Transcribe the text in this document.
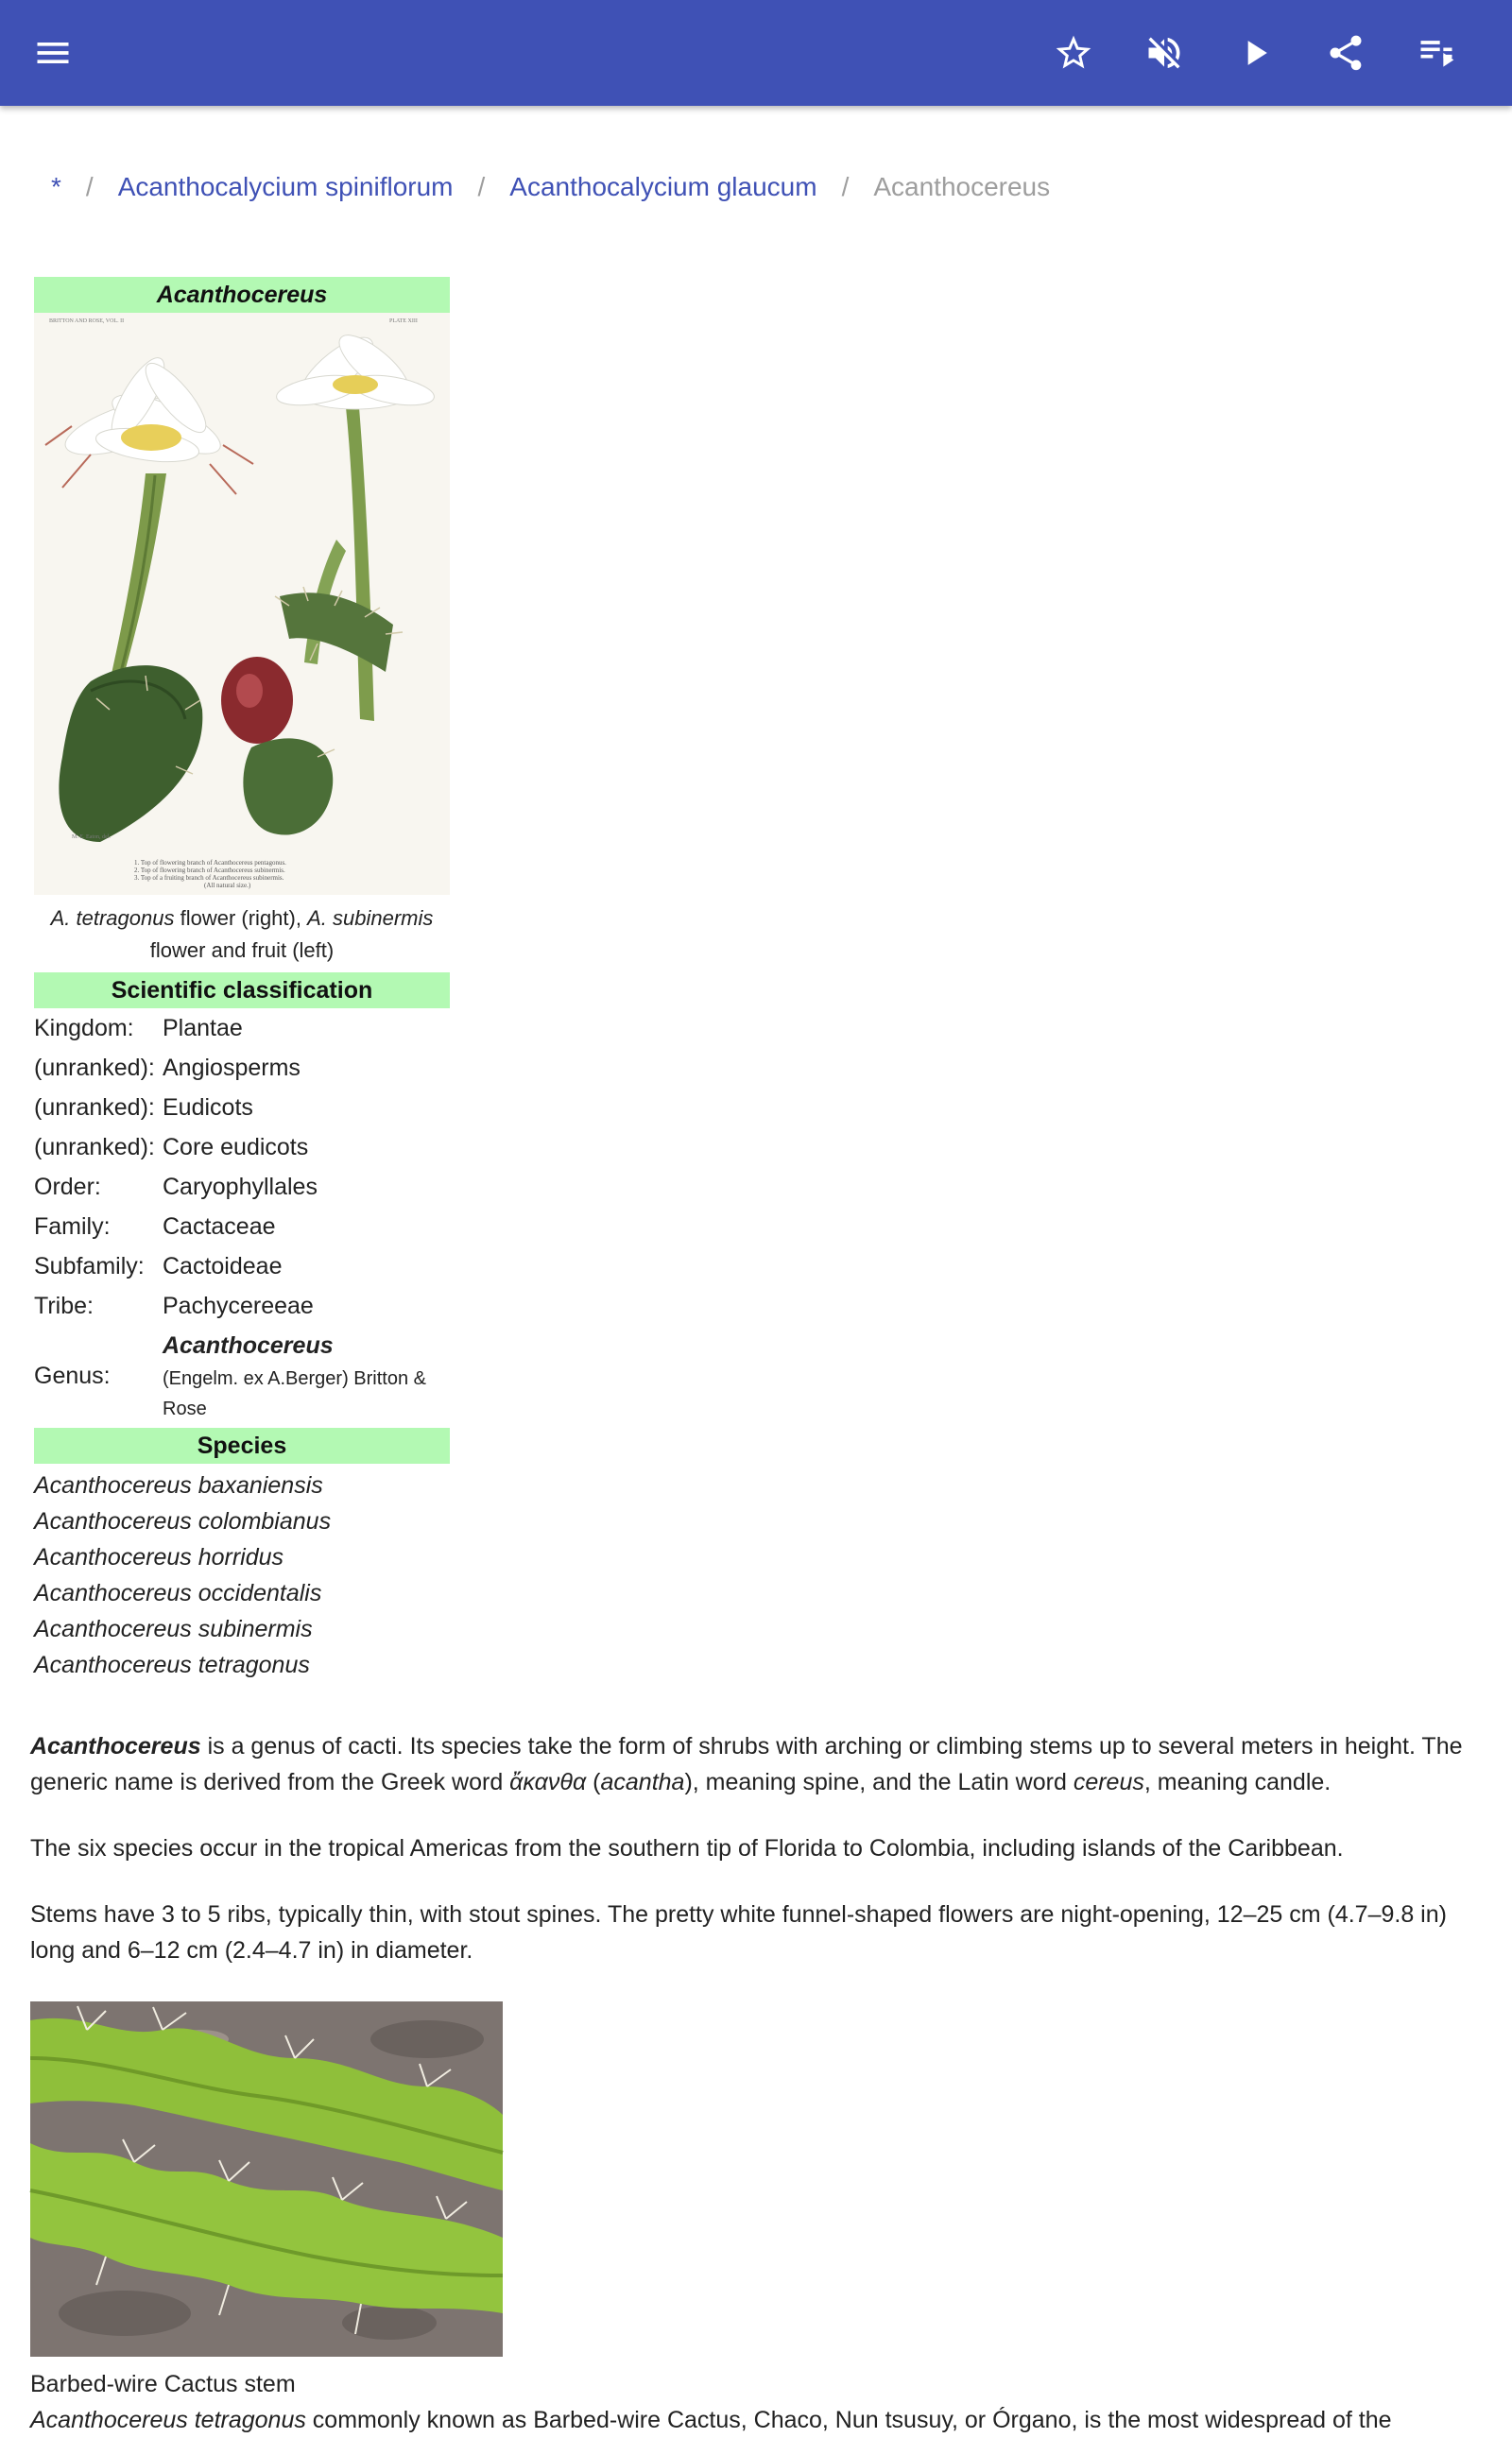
* / Acanthocalycium spiniflorum / Acanthocalycium glaucum / Acanthocereus
Acanthocereus
BRITTON AND ROSE, VOL. II	PLATE XIII
M. E. Eaton, del.
1. Top of flowering branch of Acanthocereus pentagonus.
2. Top of flowering branch of Acanthocereus subinermis.
3. Top of a fruiting branch of Acanthocereus subinermis.
(All natural size.)
A. tetragonus flower (right), A. subinermis
flower and fruit (left)
Scientific classification
Kingdom:	Plantae
(unranked): Angiosperms
(unranked): Eudicots
(unranked): Core eudicots
Order:	Caryophyllales
Family:	Cactaceae
Subfamily: Cactoideae
Tribe:	Pachycereeae
Genus:
Acanthocereus
(Engelm. ex A.Berger) Britton & Rose
Species
Acanthocereus baxaniensis
Acanthocereus colombianus
Acanthocereus horridus
Acanthocereus occidentalis
Acanthocereus subinermis
Acanthocereus tetragonus
Acanthocereus is a genus of cacti. Its species take the form of shrubs with arching or climbing stems up to several meters in height. The generic name is derived from the Greek word ἄκανθα (acantha), meaning spine, and the Latin word cereus, meaning candle.
The six species occur in the tropical Americas from the southern tip of Florida to Colombia, including islands of the Caribbean.
Stems have 3 to 5 ribs, typically thin, with stout spines. The pretty white funnel-shaped flowers are night-opening, 12–25 cm (4.7–9.8 in) long and 6–12 cm (2.4–4.7 in) in diameter.
Barbed-wire Cactus stem
Acanthocereus tetragonus commonly known as Barbed-wire Cactus, Chaco, Nun tsusuy, or Órgano, is the most widespread of the
